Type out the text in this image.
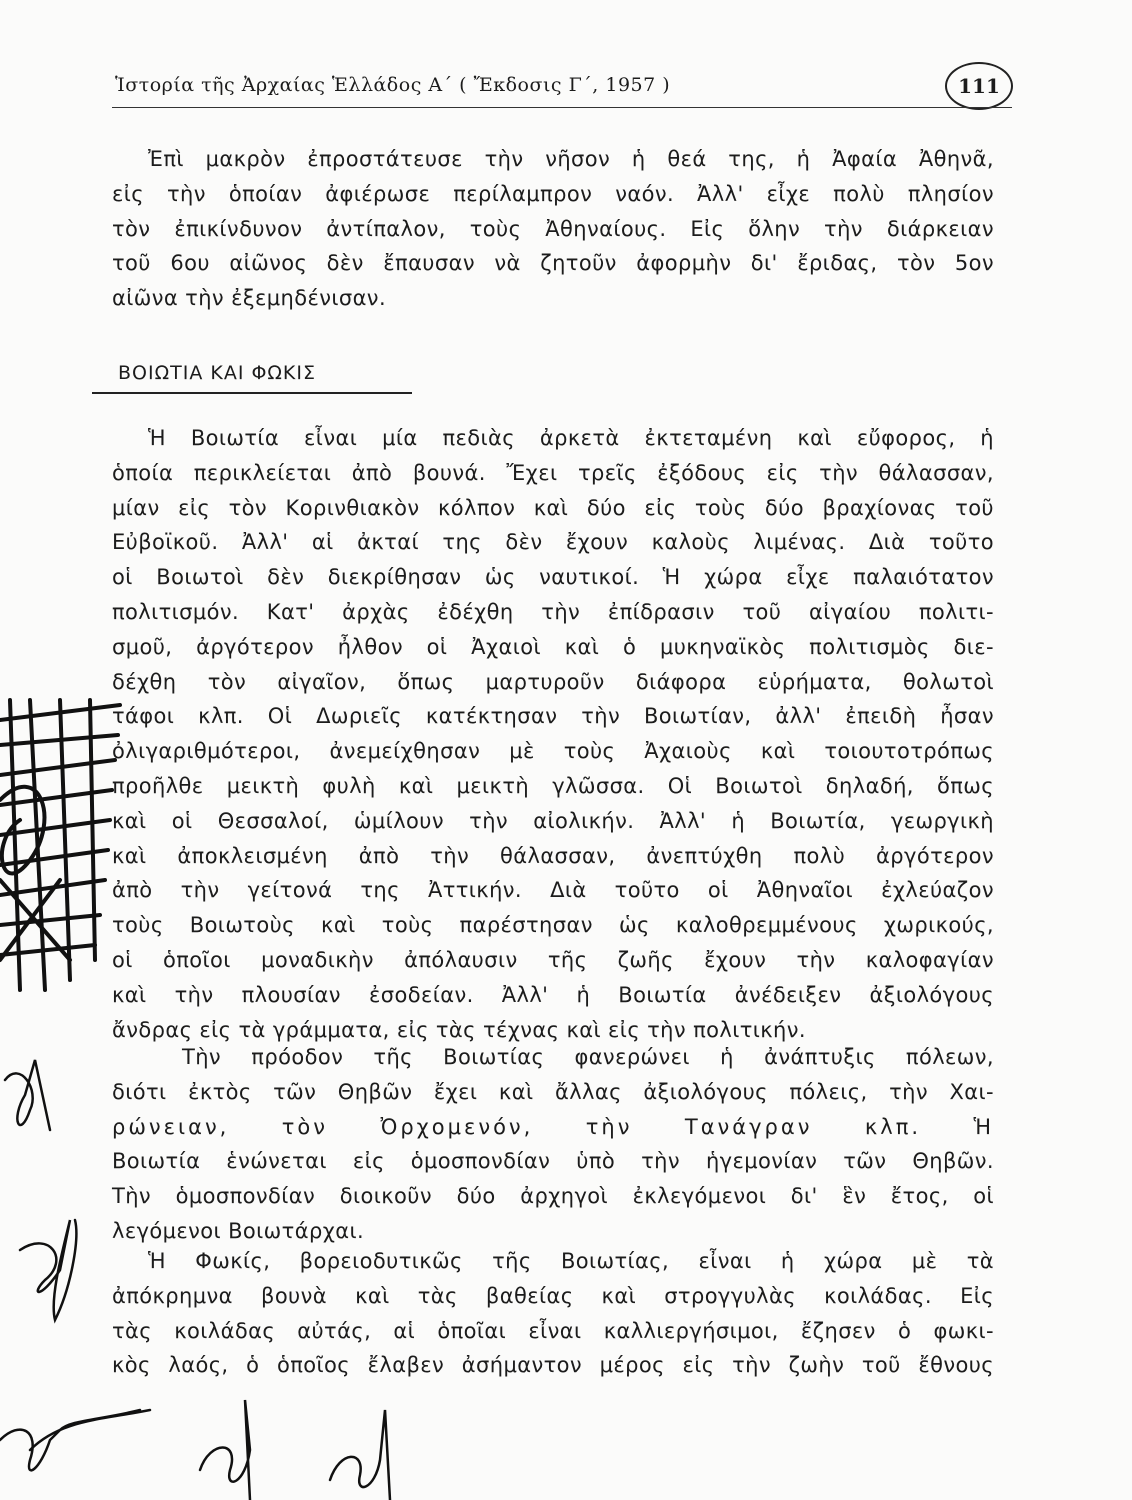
Ἱστορία τῆς Ἀρχαίας Ἑλλάδος Α΄ ( Ἔκδοσις Γ΄, 1957 )	111
Ἐπὶ μακρὸν ἐπροστάτευσε τὴν νῆσον ἡ θεά της, ἡ Ἀφαία Ἀθηνᾶ,
εἰς τὴν ὁποίαν ἀφιέρωσε περίλαμπρον ναόν. Ἀλλ' εἶχε πολὺ πλησίον
τὸν ἐπικίνδυνον ἀντίπαλον, τοὺς Ἀθηναίους. Εἰς ὅλην τὴν διάρκειαν
τοῦ 6ου αἰῶνος δὲν ἔπαυσαν νὰ ζητοῦν ἀφορμὴν δι' ἔριδας, τὸν 5ον
αἰῶνα τὴν ἐξεμηδένισαν.
ΒΟΙΩΤΙΑ ΚΑΙ ΦΩΚΙΣ
Ἡ Βοιωτία εἶναι μία πεδιὰς ἀρκετὰ ἐκτεταμένη καὶ εὔφορος, ἡ
ὁποία περικλείεται ἀπὸ βουνά. Ἔχει τρεῖς ἐξόδους εἰς τὴν θάλασσαν,
μίαν εἰς τὸν Κορινθιακὸν κόλπον καὶ δύο εἰς τοὺς δύο βραχίονας τοῦ
Εὐβοϊκοῦ. Ἀλλ' αἱ ἀκταί της δὲν ἔχουν καλοὺς λιμένας. Διὰ τοῦτο
οἱ Βοιωτοὶ δὲν διεκρίθησαν ὡς ναυτικοί. Ἡ χώρα εἶχε παλαιότατον
πολιτισμόν. Κατ' ἀρχὰς ἐδέχθη τὴν ἐπίδρασιν τοῦ αἰγαίου πολιτι-
σμοῦ, ἀργότερον ἦλθον οἱ Ἀχαιοὶ καὶ ὁ μυκηναϊκὸς πολιτισμὸς διε-
δέχθη τὸν αἰγαῖον, ὅπως μαρτυροῦν διάφορα εὑρήματα, θολωτοὶ
τάφοι κλπ. Οἱ Δωριεῖς κατέκτησαν τὴν Βοιωτίαν, ἀλλ' ἐπειδὴ ἦσαν
ὀλιγαριθμότεροι, ἀνεμείχθησαν μὲ τοὺς Ἀχαιοὺς καὶ τοιουτοτρόπως
προῆλθε μεικτὴ φυλὴ καὶ μεικτὴ γλῶσσα. Οἱ Βοιωτοὶ δηλαδή, ὅπως
καὶ οἱ Θεσσαλοί, ὡμίλουν τὴν αἰολικήν. Ἀλλ' ἡ Βοιωτία, γεωργικὴ
καὶ ἀποκλεισμένη ἀπὸ τὴν θάλασσαν, ἀνεπτύχθη πολὺ ἀργότερον
ἀπὸ τὴν γείτονά της Ἀττικήν. Διὰ τοῦτο οἱ Ἀθηναῖοι ἐχλεύαζον
τοὺς Βοιωτοὺς καὶ τοὺς παρέστησαν ὡς καλοθρεμμένους χωρικούς,
οἱ ὁποῖοι μοναδικὴν ἀπόλαυσιν τῆς ζωῆς ἔχουν τὴν καλοφαγίαν
καὶ τὴν πλουσίαν ἐσοδείαν. Ἀλλ' ἡ Βοιωτία ἀνέδειξεν ἀξιολόγους
ἄνδρας εἰς τὰ γράμματα, εἰς τὰς τέχνας καὶ εἰς τὴν πολιτικήν.
Τὴν πρόοδον τῆς Βοιωτίας φανερώνει ἡ ἀνάπτυξις πόλεων,
διότι ἐκτὸς τῶν Θηβῶν ἔχει καὶ ἄλλας ἀξιολόγους πόλεις, τὴν Χαι-
ρώνειαν, τὸν Ὀρχομενόν, τὴν Τανάγραν κλπ. Ἡ
Βοιωτία ἑνώνεται εἰς ὁμοσπονδίαν ὑπὸ τὴν ἡγεμονίαν τῶν Θηβῶν.
Τὴν ὁμοσπονδίαν διοικοῦν δύο ἀρχηγοὶ ἐκλεγόμενοι δι' ἓν ἔτος, οἱ
λεγόμενοι Βοιωτάρχαι.
Ἡ Φωκίς, βορειοδυτικῶς τῆς Βοιωτίας, εἶναι ἡ χώρα μὲ τὰ
ἀπόκρημνα βουνὰ καὶ τὰς βαθείας καὶ στρογγυλὰς κοιλάδας. Εἰς
τὰς κοιλάδας αὐτάς, αἱ ὁποῖαι εἶναι καλλιεργήσιμοι, ἔζησεν ὁ φωκι-
κὸς λαός, ὁ ὁποῖος ἔλαβεν ἀσήμαντον μέρος εἰς τὴν ζωὴν τοῦ ἔθνους
